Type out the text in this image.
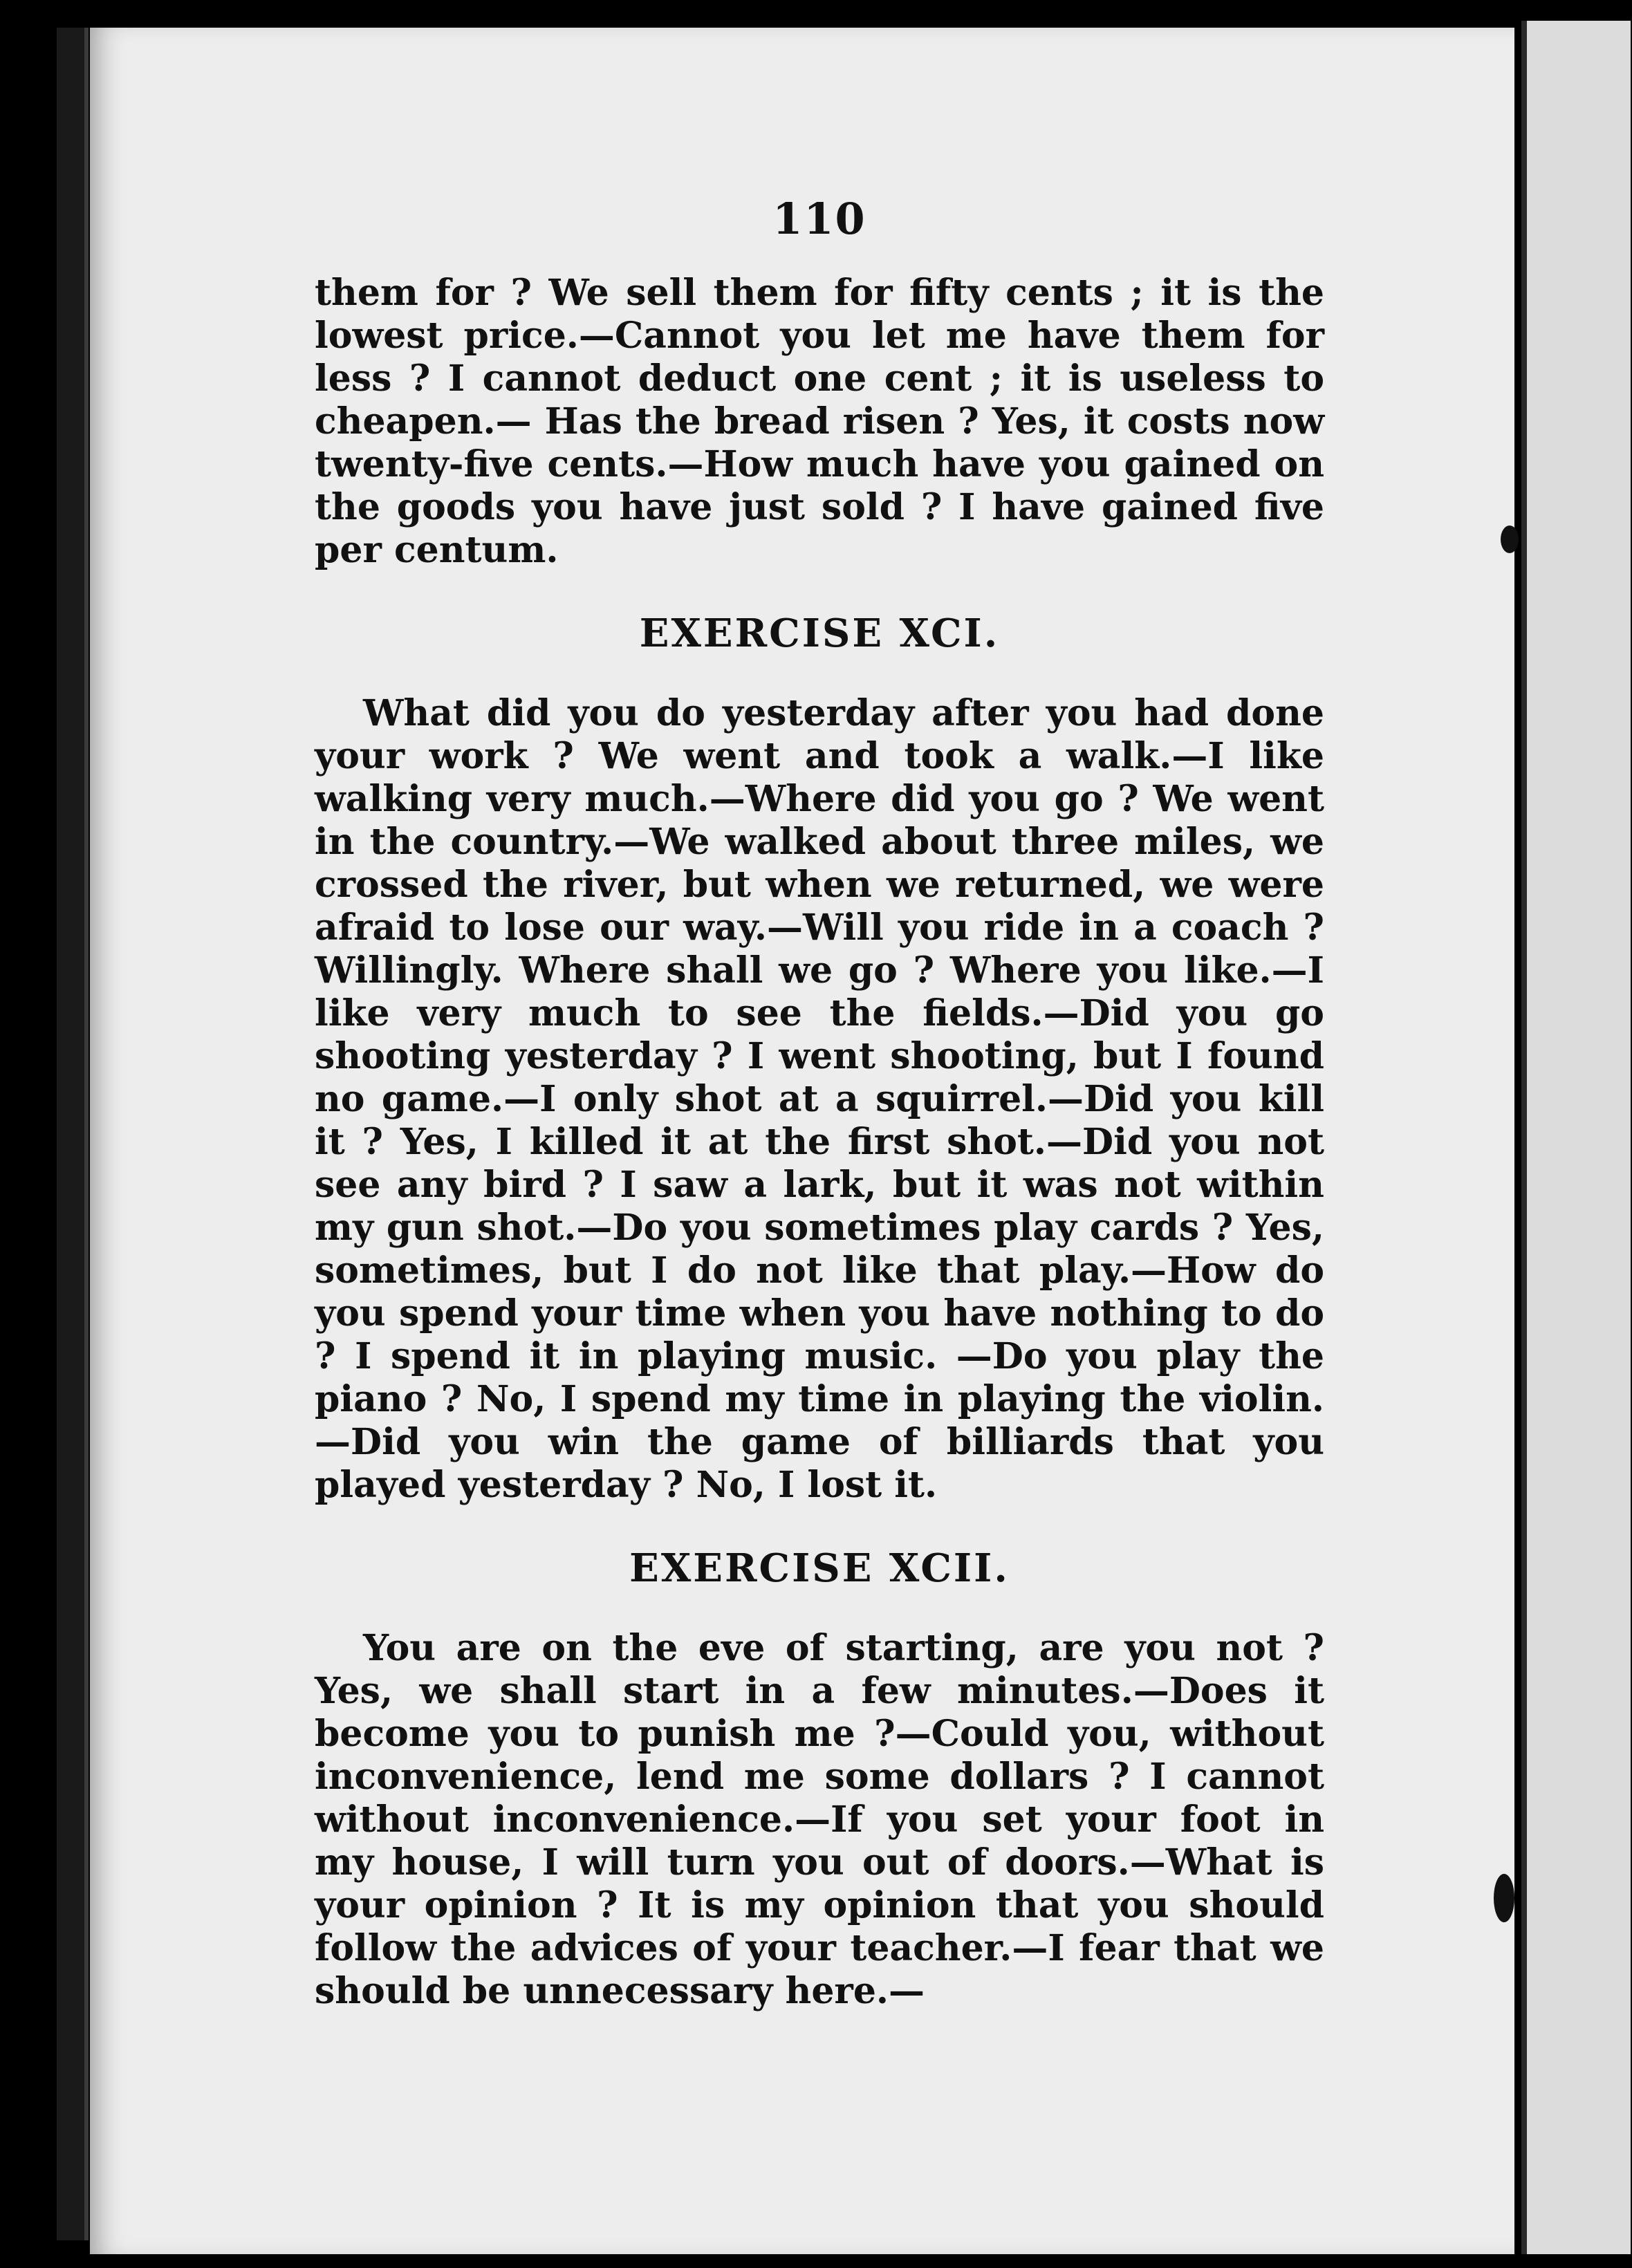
110

them for ? We sell them for fifty cents ; it is the lowest price.—Cannot you let me have them for less ? I cannot deduct one cent ; it is useless to cheapen.— Has the bread risen ? Yes, it costs now twenty-five cents.—How much have you gained on the goods you have just sold ? I have gained five per centum.

EXERCISE XCI.

What did you do yesterday after you had done your work ? We went and took a walk.—I like walking very much.—Where did you go ? We went in the country.—We walked about three miles, we crossed the river, but when we returned, we were afraid to lose our way.—Will you ride in a coach ? Willingly. Where shall we go ? Where you like.—I like very much to see the fields.—Did you go shooting yesterday ? I went shooting, but I found no game.—I only shot at a squirrel.—Did you kill it ? Yes, I killed it at the first shot.—Did you not see any bird ? I saw a lark, but it was not within my gun shot.—Do you sometimes play cards ? Yes, sometimes, but I do not like that play.—How do you spend your time when you have nothing to do ? I spend it in playing music. —Do you play the piano ? No, I spend my time in playing the violin.—Did you win the game of billiards that you played yesterday ? No, I lost it.

EXERCISE XCII.

You are on the eve of starting, are you not ? Yes, we shall start in a few minutes.—Does it become you to punish me ?—Could you, without inconvenience, lend me some dollars ? I cannot without inconvenience.—If you set your foot in my house, I will turn you out of doors.—What is your opinion ? It is my opinion that you should follow the advices of your teacher.—I fear that we should be unnecessary here.—
